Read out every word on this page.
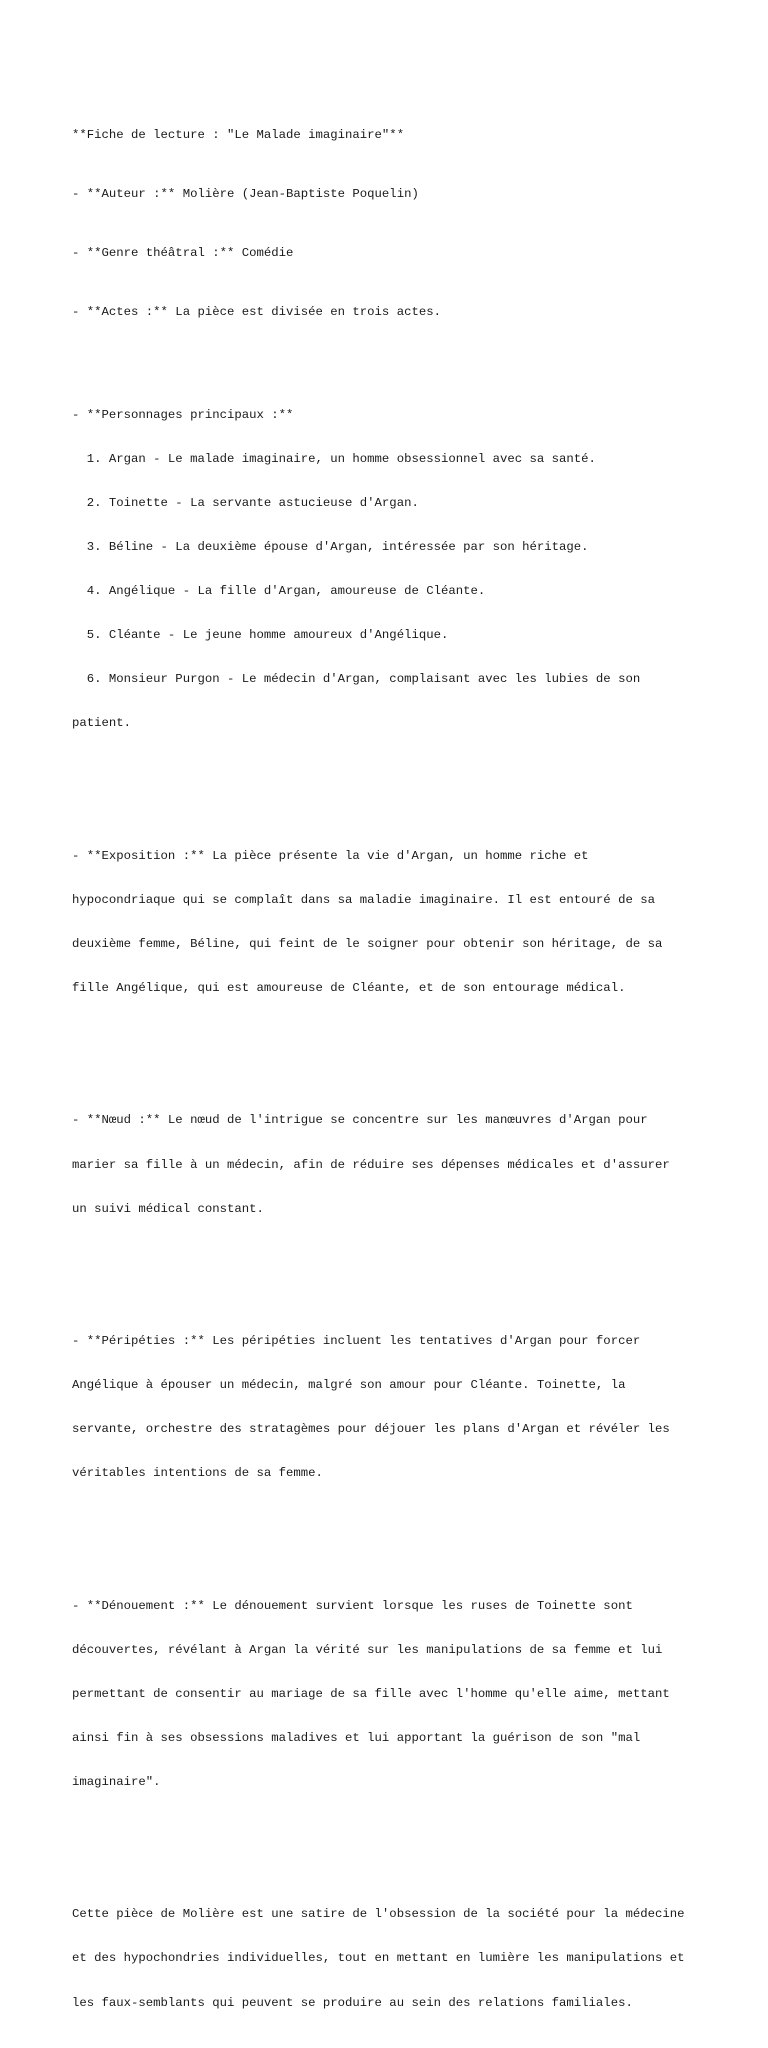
**Fiche de lecture : "Le Malade imaginaire"**

- **Auteur :** Molière (Jean-Baptiste Poquelin)

- **Genre théâtral :** Comédie

- **Actes :** La pièce est divisée en trois actes.

- **Personnages principaux :**

1. Argan - Le malade imaginaire, un homme obsessionnel avec sa santé.

2. Toinette - La servante astucieuse d'Argan.

3. Béline - La deuxième épouse d'Argan, intéressée par son héritage.

4. Angélique - La fille d'Argan, amoureuse de Cléante.

5. Cléante - Le jeune homme amoureux d'Angélique.

6. Monsieur Purgon - Le médecin d'Argan, complaisant avec les lubies de son

patient.

- **Exposition :** La pièce présente la vie d'Argan, un homme riche et

hypocondriaque qui se complaît dans sa maladie imaginaire. Il est entouré de sa

deuxième femme, Béline, qui feint de le soigner pour obtenir son héritage, de sa

fille Angélique, qui est amoureuse de Cléante, et de son entourage médical.

- **Nœud :** Le nœud de l'intrigue se concentre sur les manœuvres d'Argan pour

marier sa fille à un médecin, afin de réduire ses dépenses médicales et d'assurer

un suivi médical constant.

- **Péripéties :** Les péripéties incluent les tentatives d'Argan pour forcer

Angélique à épouser un médecin, malgré son amour pour Cléante. Toinette, la

servante, orchestre des stratagèmes pour déjouer les plans d'Argan et révéler les

véritables intentions de sa femme.

- **Dénouement :** Le dénouement survient lorsque les ruses de Toinette sont

découvertes, révélant à Argan la vérité sur les manipulations de sa femme et lui

permettant de consentir au mariage de sa fille avec l'homme qu'elle aime, mettant

ainsi fin à ses obsessions maladives et lui apportant la guérison de son "mal

imaginaire".

Cette pièce de Molière est une satire de l'obsession de la société pour la médecine

et des hypochondries individuelles, tout en mettant en lumière les manipulations et

les faux-semblants qui peuvent se produire au sein des relations familiales.
